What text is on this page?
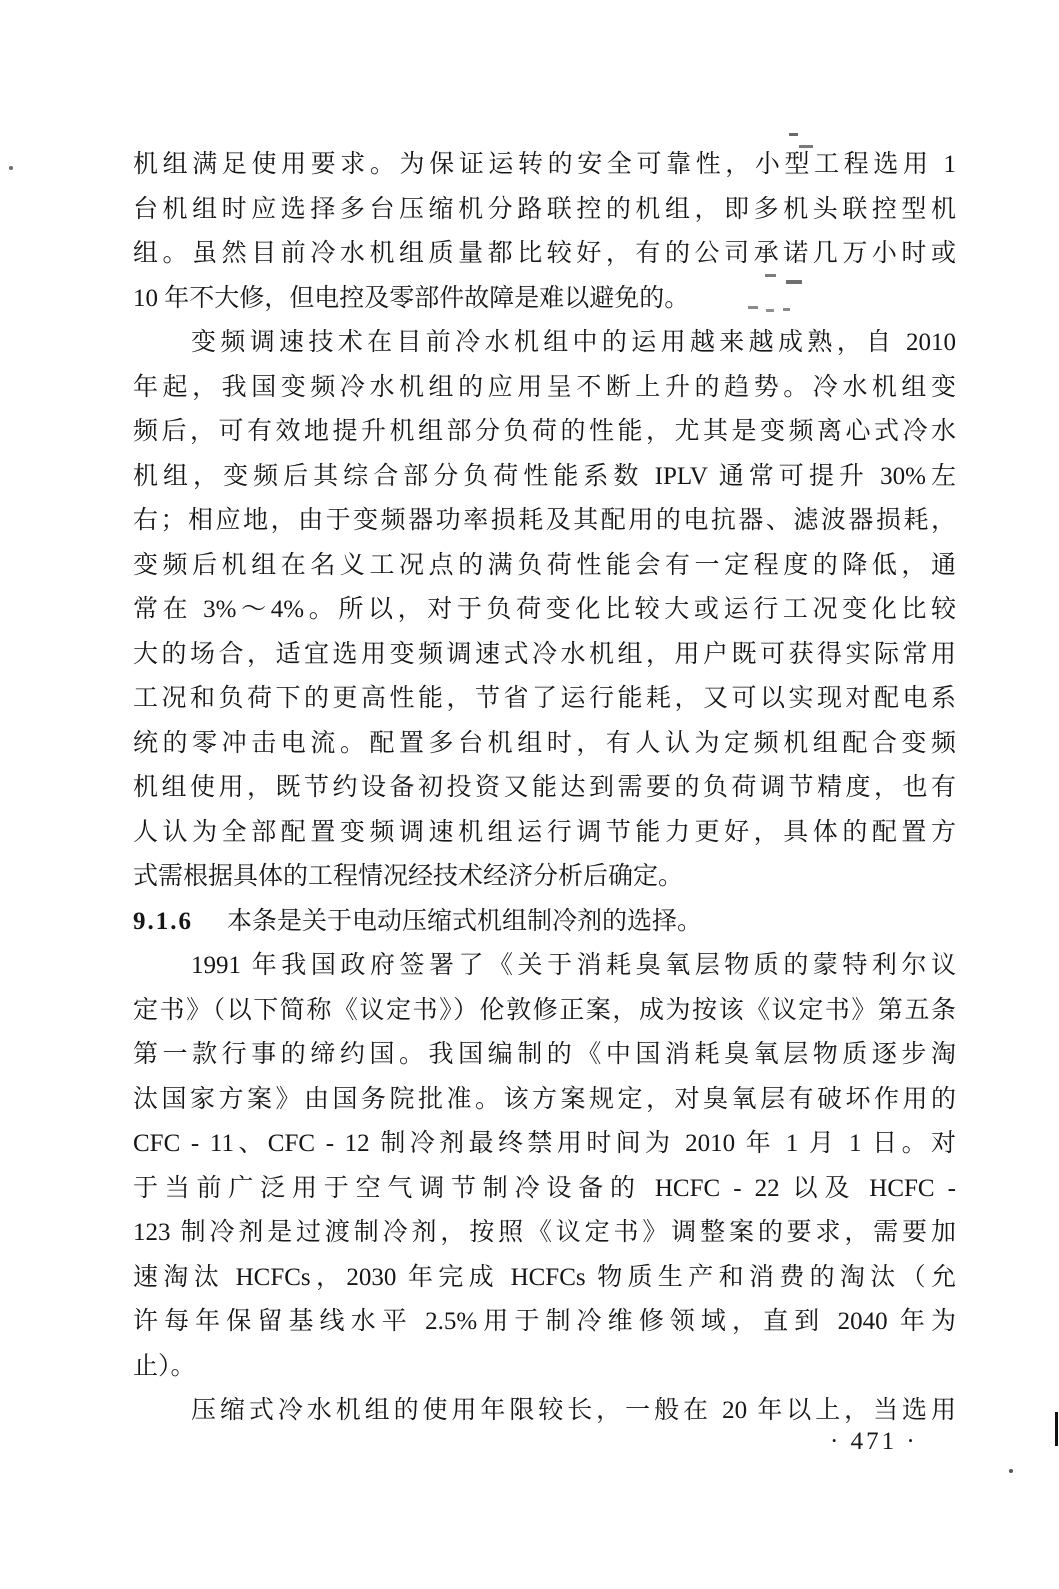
机组满足使用要求。为保证运转的安全可靠性，小型工程选用 1
台机组时应选择多台压缩机分路联控的机组，即多机头联控型机
组。虽然目前冷水机组质量都比较好，有的公司承诺几万小时或
10 年不大修，但电控及零部件故障是难以避免的。
变频调速技术在目前冷水机组中的运用越来越成熟，自 2010
年起，我国变频冷水机组的应用呈不断上升的趋势。冷水机组变
频后，可有效地提升机组部分负荷的性能，尤其是变频离心式冷水
机组，变频后其综合部分负荷性能系数 IPLV 通常可提升 30%左
右；相应地，由于变频器功率损耗及其配用的电抗器、滤波器损耗，
变频后机组在名义工况点的满负荷性能会有一定程度的降低，通
常在 3%～4%。所以，对于负荷变化比较大或运行工况变化比较
大的场合，适宜选用变频调速式冷水机组，用户既可获得实际常用
工况和负荷下的更高性能，节省了运行能耗，又可以实现对配电系
统的零冲击电流。配置多台机组时，有人认为定频机组配合变频
机组使用，既节约设备初投资又能达到需要的负荷调节精度，也有
人认为全部配置变频调速机组运行调节能力更好，具体的配置方
式需根据具体的工程情况经技术经济分析后确定。
9.1.6 本条是关于电动压缩式机组制冷剂的选择。
1991 年我国政府签署了《关于消耗臭氧层物质的蒙特利尔议
定书》（以下简称《议定书》）伦敦修正案，成为按该《议定书》第五条
第一款行事的缔约国。我国编制的《中国消耗臭氧层物质逐步淘
汰国家方案》由国务院批准。该方案规定，对臭氧层有破坏作用的
CFC - 11、CFC - 12 制冷剂最终禁用时间为 2010 年 1 月 1 日。对
于当前广泛用于空气调节制冷设备的 HCFC - 22 以及 HCFC -
123 制冷剂是过渡制冷剂，按照《议定书》调整案的要求，需要加
速淘汰 HCFCs，2030 年完成 HCFCs 物质生产和消费的淘汰（允
许每年保留基线水平 2.5%用于制冷维修领域，直到 2040 年为
止）。
压缩式冷水机组的使用年限较长，一般在 20 年以上，当选用
· 471 ·
